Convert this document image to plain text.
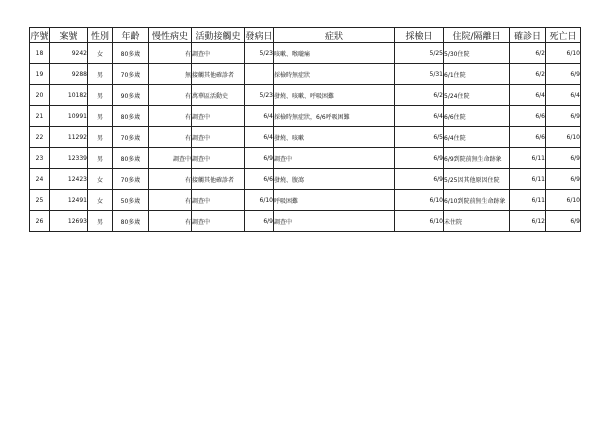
序號	案號	性別	年齡	慢性病史	活動接觸史	發病日	症狀	採檢日	住院/隔離日	確診日	死亡日
18	9242	女	80多歲	有	調查中	5/23	咳嗽、喉嚨痛	5/25	5/30住院	6/2	6/10
19	9288	男	70多歲	無	接觸其他確診者		採檢時無症狀	5/31	6/1住院	6/2	6/9
20	10182	男	90多歲	有	萬華區活動史	5/23	發燒、咳嗽、呼吸困難	6/2	5/24住院	6/4	6/4
21	10991	男	80多歲	有	調查中	6/4	採檢時無症狀，6/6呼吸困難	6/4	6/6住院	6/6	6/9
22	11292	男	70多歲	有	調查中	6/4	發燒、咳嗽	6/5	6/4住院	6/6	6/10
23	12339	男	80多歲	調查中	調查中	6/9	調查中	6/9	6/9到院前無生命跡象	6/11	6/9
24	12423	女	70多歲	有	接觸其他確診者	6/6	發燒、腹瀉	6/9	5/25因其他原因住院	6/11	6/9
25	12491	女	50多歲	有	調查中	6/10	呼吸困難	6/10	6/10到院前無生命跡象	6/11	6/10
26	12693	男	80多歲	有	調查中	6/9	調查中	6/10	未住院	6/12	6/9
